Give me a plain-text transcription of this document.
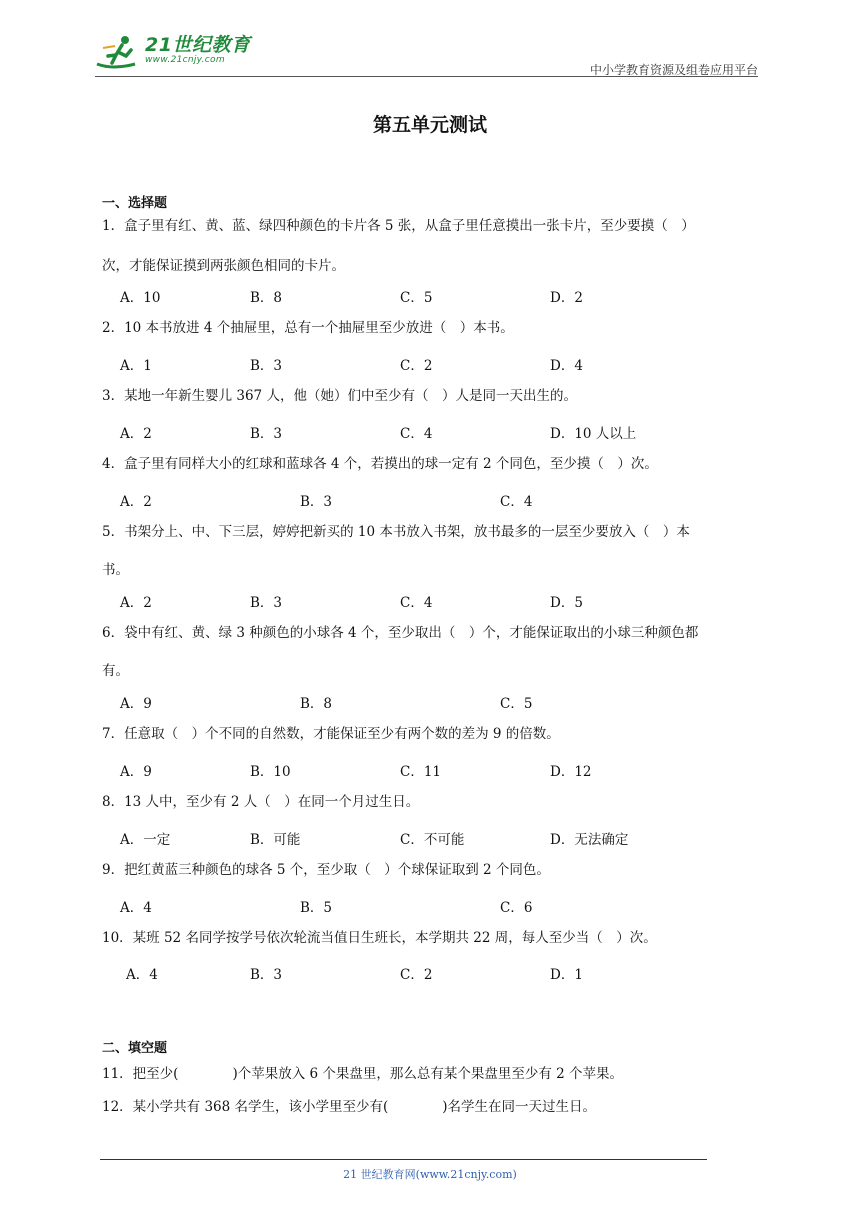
21世纪教育
www.21cnjy.com
中小学教育资源及组卷应用平台
第五单元测试
一、选择题
1．盒子里有红、黄、蓝、绿四种颜色的卡片各 5 张，从盒子里任意摸出一张卡片，至少要摸（　）
次，才能保证摸到两张颜色相同的卡片。
A．10	B．8	C．5	D．2
2．10 本书放进 4 个抽屉里，总有一个抽屉里至少放进（　）本书。
A．1	B．3	C．2	D．4
3．某地一年新生婴儿 367 人，他（她）们中至少有（　）人是同一天出生的。
A．2	B．3	C．4	D．10 人以上
4．盒子里有同样大小的红球和蓝球各 4 个，若摸出的球一定有 2 个同色，至少摸（　）次。
A．2	B．3	C．4
5．书架分上、中、下三层，婷婷把新买的 10 本书放入书架，放书最多的一层至少要放入（　）本
书。
A．2	B．3	C．4	D．5
6．袋中有红、黄、绿 3 种颜色的小球各 4 个，至少取出（　）个，才能保证取出的小球三种颜色都
有。
A．9	B．8	C．5
7．任意取（　）个不同的自然数，才能保证至少有两个数的差为 9 的倍数。
A．9	B．10	C．11	D．12
8．13 人中，至少有 2 人（　）在同一个月过生日。
A．一定	B．可能	C．不可能	D．无法确定
9．把红黄蓝三种颜色的球各 5 个，至少取（　）个球保证取到 2 个同色。
A．4	B．5	C．6
10．某班 52 名同学按学号依次轮流当值日生班长，本学期共 22 周，每人至少当（　）次。
A．4	B．3	C．2	D．1
二、填空题
11．把至少(　　　　)个苹果放入 6 个果盘里，那么总有某个果盘里至少有 2 个苹果。
12．某小学共有 368 名学生，该小学里至少有(　　　　)名学生在同一天过生日。
21 世纪教育网(www.21cnjy.com)
